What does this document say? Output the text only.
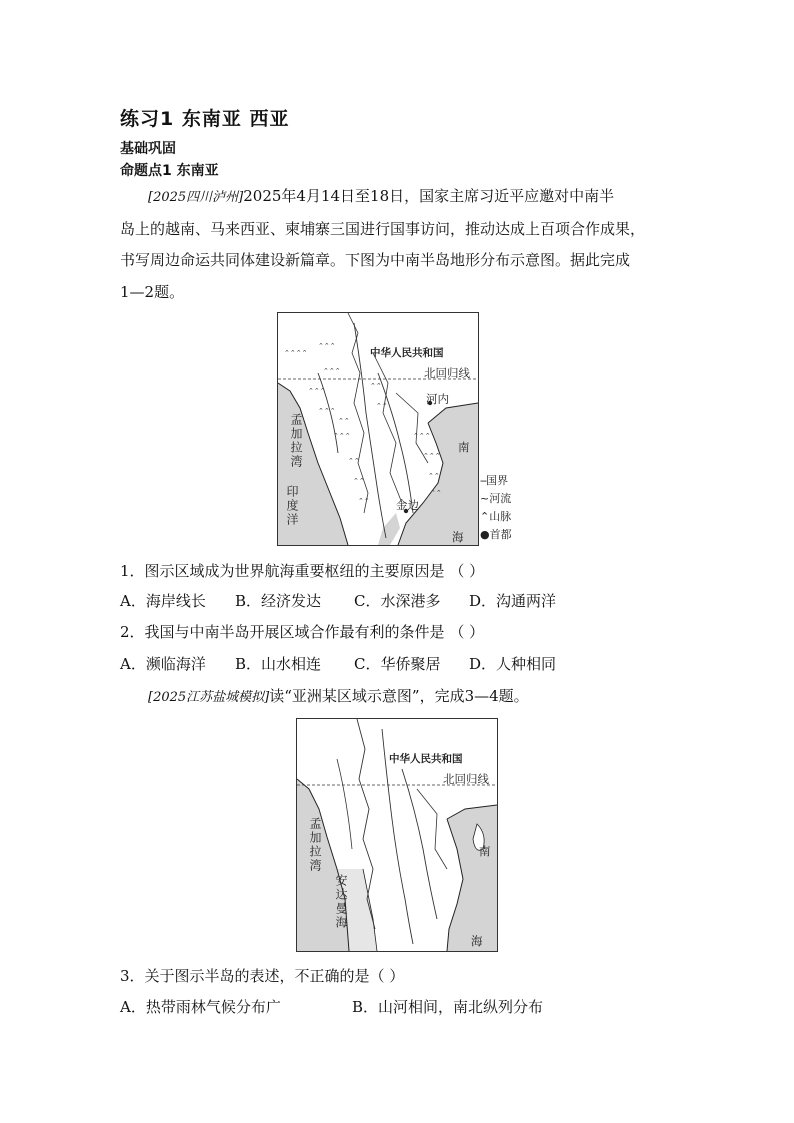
练习1 东南亚 西亚
基础巩固
命题点1 东南亚
[2025四川泸州]2025年4月14日至18日，国家主席习近平应邀对中南半
岛上的越南、马来西亚、柬埔寨三国进行国事访问，推动达成上百项合作成果，
书写周边命运共同体建设新篇章。下图为中南半岛地形分布示意图。据此完成
1—2题。
⌃⌃⌃⌃
⌃⌃⌃
⌃⌃⌃
⌃⌃⌃
⌃⌃⌃
⌃⌃⌃
⌃⌃
⌃⌃
⌃⌃
⌃⌃
⌃⌃⌃
⌃⌃⌃
⌃⌃
⌃⌃
⌃⌃
⌃⌃
中华人民共和国
北回归线
河内
孟加拉湾
印度洋
南
海
金边
--国界
~河流
⌃山脉
●首都
1．图示区域成为世界航海重要枢纽的主要原因是 （ ）
A．海岸线长 B．经济发达 C．水深港多 D．沟通两洋
2．我国与中南半岛开展区域合作最有利的条件是 （ ）
A．濒临海洋 B．山水相连 C．华侨聚居 D．人种相同
[2025江苏盐城模拟]读“亚洲某区域示意图”，完成3—4题。
中华人民共和国
北回归线
孟加拉湾
安达曼海
南
海
3．关于图示半岛的表述，不正确的是（ ）
A．热带雨林气候分布广	B．山河相间，南北纵列分布
